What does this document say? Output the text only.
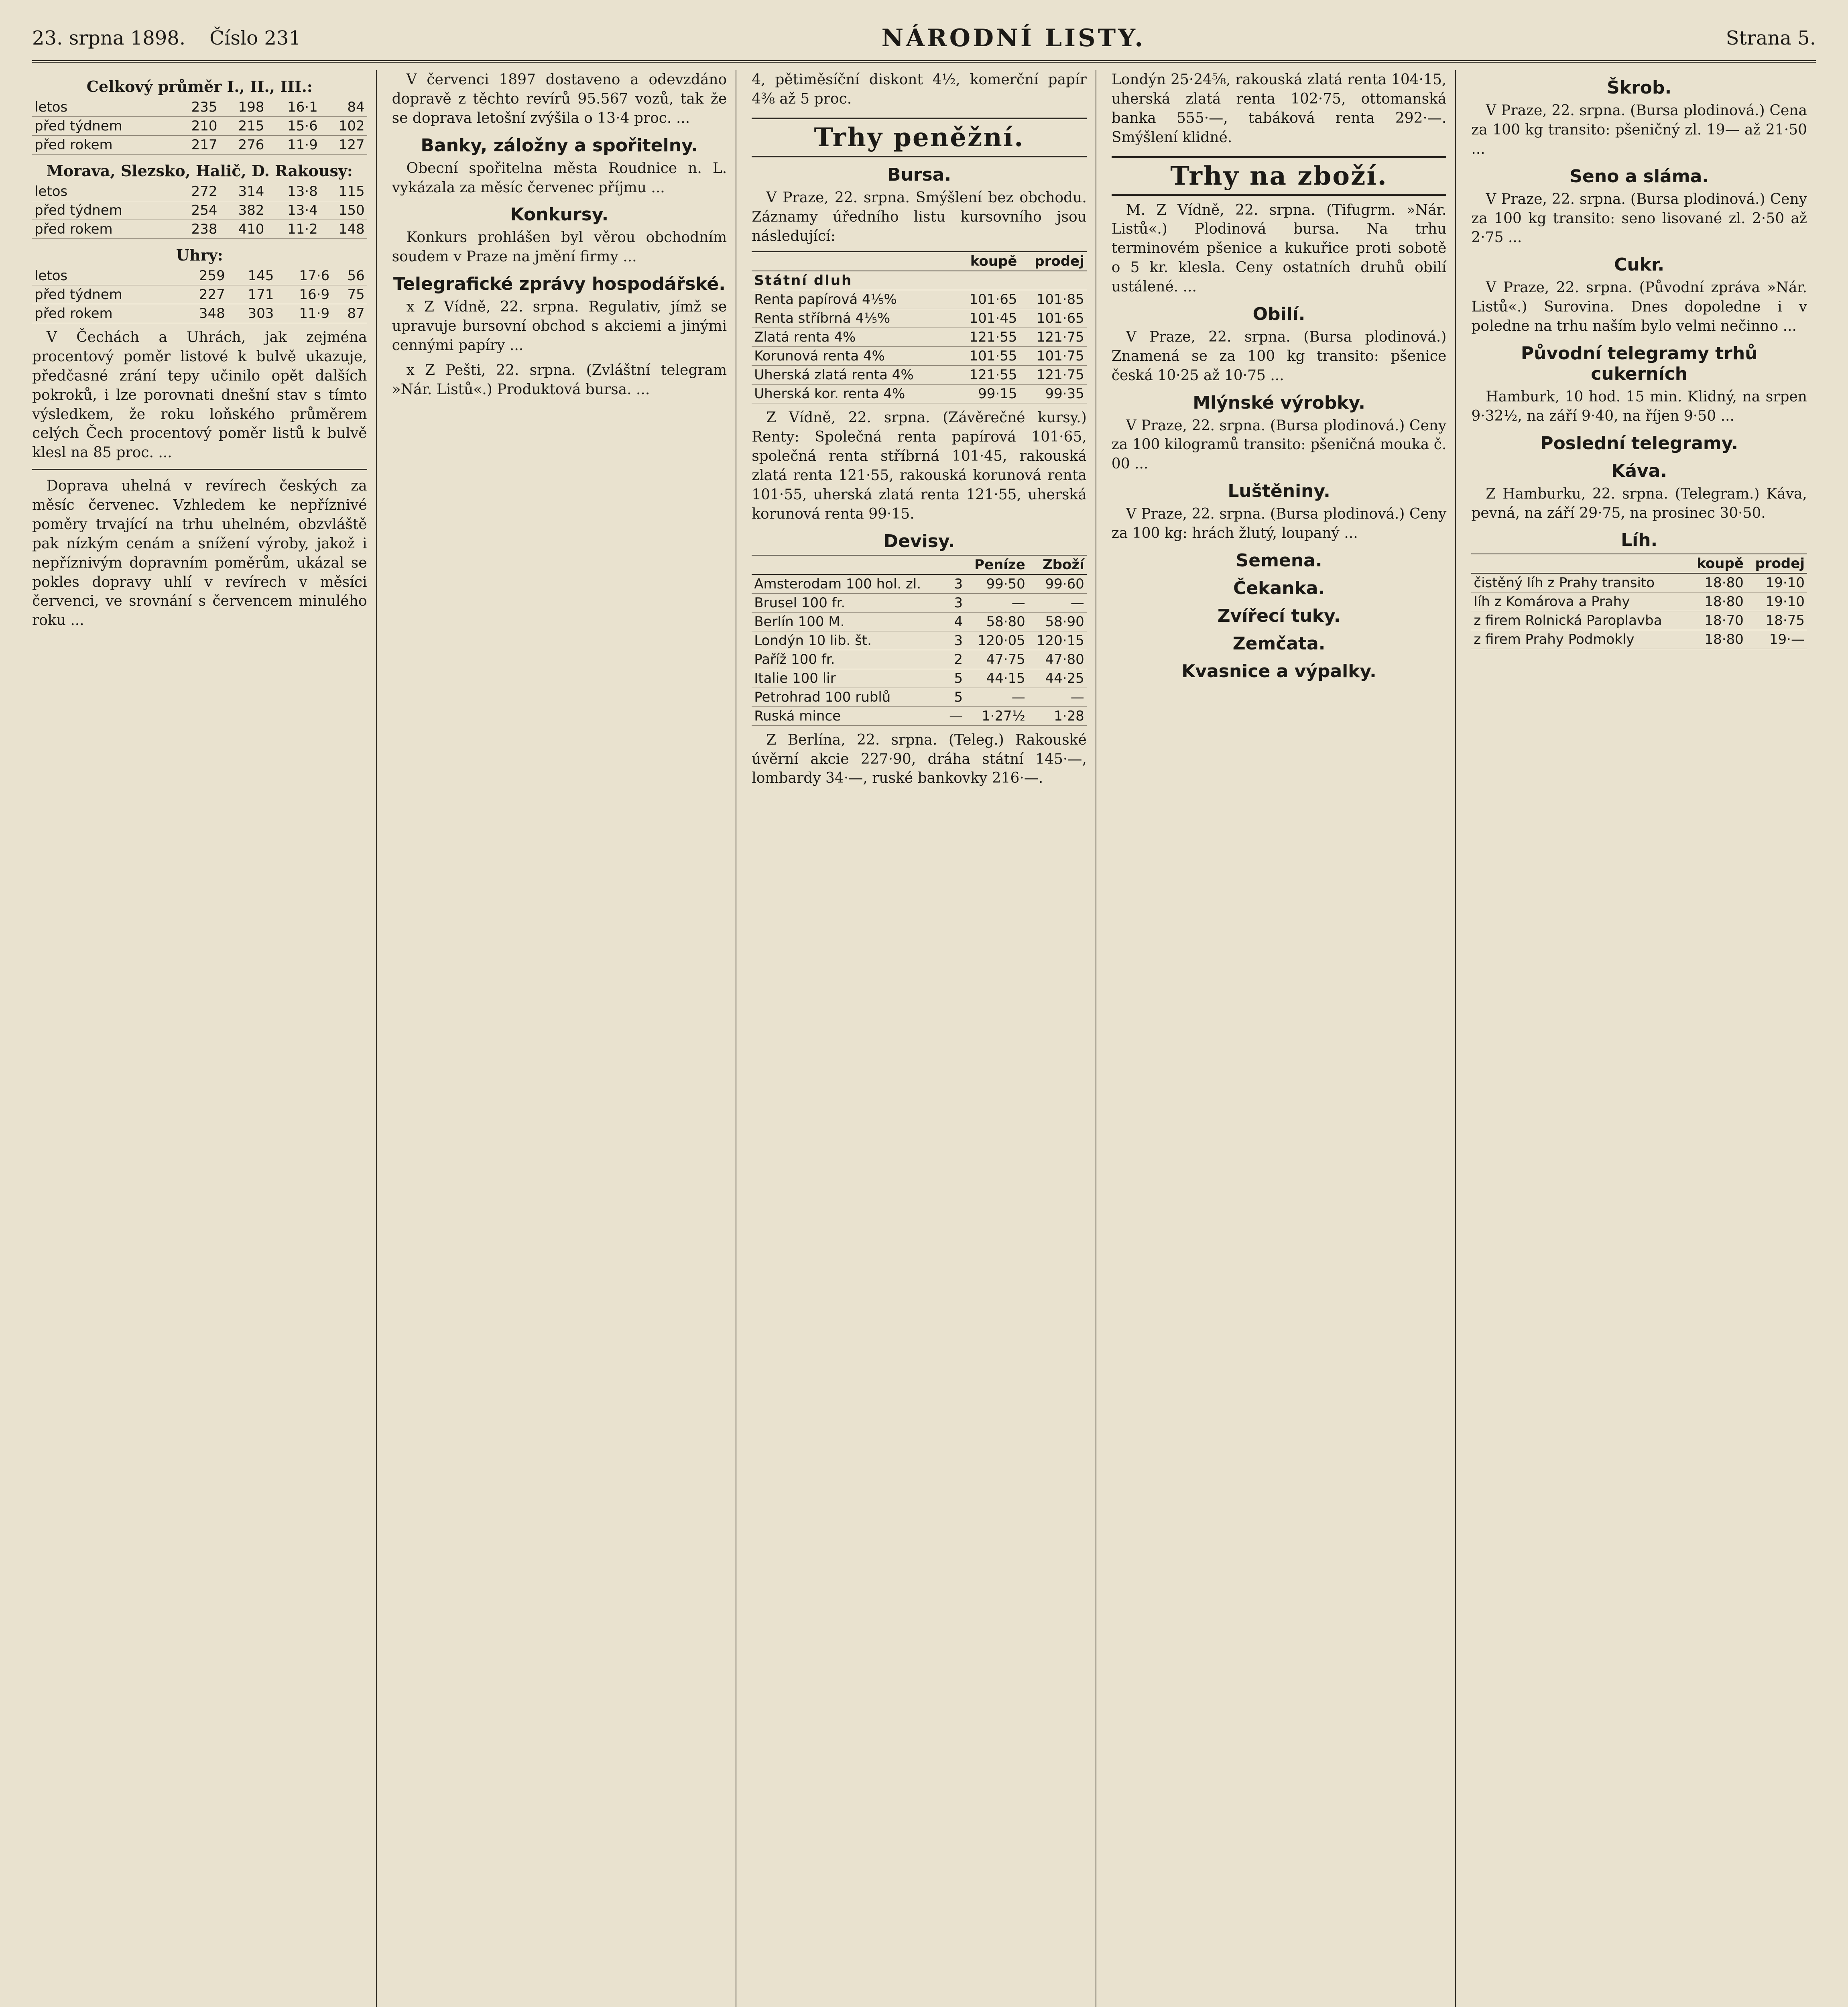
23. srpna 1898. Číslo 231	NÁRODNÍ LISTY.	Strana 5.
Celkový průměr I., II., III.:
letos	235	198	16·1	84
před týdnem	210	215	15·6	102
před rokem	217	276	11·9	127
Morava, Slezsko, Halič, D. Rakousy:
letos	272	314	13·8	115
před týdnem	254	382	13·4	150
před rokem	238	410	11·2	148
Uhry:
letos	259	145	17·6	56
před týdnem	227	171	16·9	75
před rokem	348	303	11·9	87

V Čechách a Uhrách, jak zejména procentový poměr listové k bulvě ukazuje, předčasné zrání tepy učinilo opět dalších pokroků, i lze porovnati dnešní stav s tímto výsledkem, že roku loňského průměrem celých Čech procentový poměr listů k bulvě klesl na 85 proc. ...

Doprava uhelná v revírech českých za měsíc červenec. Vzhledem ke nepříznivé poměry trvající na trhu uhelném, obzvláště pak nízkým cenám a snížení výroby, jakož i nepříznivým dopravním poměrům, ukázal se pokles dopravy uhlí v revírech v měsíci červenci, ve srovnání s červencem minulého roku ...

V červenci 1897 dostaveno a odevzdáno dopravě z těchto revírů 95.567 vozů, tak že se doprava letošní zvýšila o 13·4 proc. ...

Banky, záložny a spořitelny.

Obecní spořitelna města Roudnice n. L. vykázala za měsíc červenec příjmu ...

Konkursy.

Konkurs prohlášen byl věrou obchodním soudem v Praze na jmění firmy ...

Telegrafické zprávy hospodářské.

x Z Vídně, 22. srpna. Regulativ, jímž se upravuje bursovní obchod s akciemi a jinými cennými papíry ...

x Z Pešti, 22. srpna. (Zvláštní telegram »Nár. Listů«.) Produktová bursa. ...

4, pětiměsíční diskont 4½, komerční papír 4⅜ až 5 proc.

Trhy peněžní.
Bursa.

V Praze, 22. srpna. Smýšlení bez obchodu. Záznamy úředního listu kursovního jsou následující:

	koupě	prodej
Státní dluh		
Renta papírová 4⅕%	101·65	101·85
Renta stříbrná 4⅕%	101·45	101·65
Zlatá renta 4%	121·55	121·75
Korunová renta 4%	101·55	101·75
Uherská zlatá renta 4%	121·55	121·75
Uherská kor. renta 4%	99·15	99·35

Z Vídně, 22. srpna. (Závěrečné kursy.) Renty: Společná renta papírová 101·65, společná renta stříbrná 101·45, rakouská zlatá renta 121·55, rakouská korunová renta 101·55, uherská zlatá renta 121·55, uherská korunová renta 99·15.

Devisy.
		Peníze	Zboží
Amsterodam 100 hol. zl.	3	99·50	99·60
Brusel 100 fr.	3	—	—
Berlín 100 M.	4	58·80	58·90
Londýn 10 lib. št.	3	120·05	120·15
Paříž 100 fr.	2	47·75	47·80
Italie 100 lir	5	44·15	44·25
Petrohrad 100 rublů	5	—	—
Ruská mince	—	1·27½	1·28

Z Berlína, 22. srpna. (Teleg.) Rakouské úvěrní akcie 227·90, dráha státní 145·—, lombardy 34·—, ruské bankovky 216·—.

Londýn 25·24⅝, rakouská zlatá renta 104·15, uherská zlatá renta 102·75, ottomanská banka 555·—, tabáková renta 292·—. Smýšlení klidné.

Trhy na zboží.

M. Z Vídně, 22. srpna. (Tifugrm. »Nár. Listů«.) Plodinová bursa. Na trhu terminovém pšenice a kukuřice proti sobotě o 5 kr. klesla. Ceny ostatních druhů obilí ustálené. ...

Obilí.

V Praze, 22. srpna. (Bursa plodinová.) Znamená se za 100 kg transito: pšenice česká 10·25 až 10·75 ...

Mlýnské výrobky.

V Praze, 22. srpna. (Bursa plodinová.) Ceny za 100 kilogramů transito: pšeničná mouka č. 00 ...

Luštěniny.

V Praze, 22. srpna. (Bursa plodinová.) Ceny za 100 kg: hrách žlutý, loupaný ...

Semena.
Čekanka.
Zvířecí tuky.
Zemčata.
Kvasnice a výpalky.
Škrob.

V Praze, 22. srpna. (Bursa plodinová.) Cena za 100 kg transito: pšeničný zl. 19— až 21·50 ...

Seno a sláma.

V Praze, 22. srpna. (Bursa plodinová.) Ceny za 100 kg transito: seno lisované zl. 2·50 až 2·75 ...

Cukr.

V Praze, 22. srpna. (Původní zpráva »Nár. Listů«.) Surovina. Dnes dopoledne i v poledne na trhu naším bylo velmi nečinno ...

Původní telegramy trhů cukerních

Hamburk, 10 hod. 15 min. Klidný, na srpen 9·32½, na září 9·40, na říjen 9·50 ...

Poslední telegramy.
Káva.

Z Hamburku, 22. srpna. (Telegram.) Káva, pevná, na září 29·75, na prosinec 30·50.

Líh.
	koupě	prodej
čistěný líh z Prahy transito	18·80	19·10
líh z Komárova a Prahy	18·80	19·10
z firem Rolnická Paroplavba	18·70	18·75
z firem Prahy Podmokly	18·80	19·—
